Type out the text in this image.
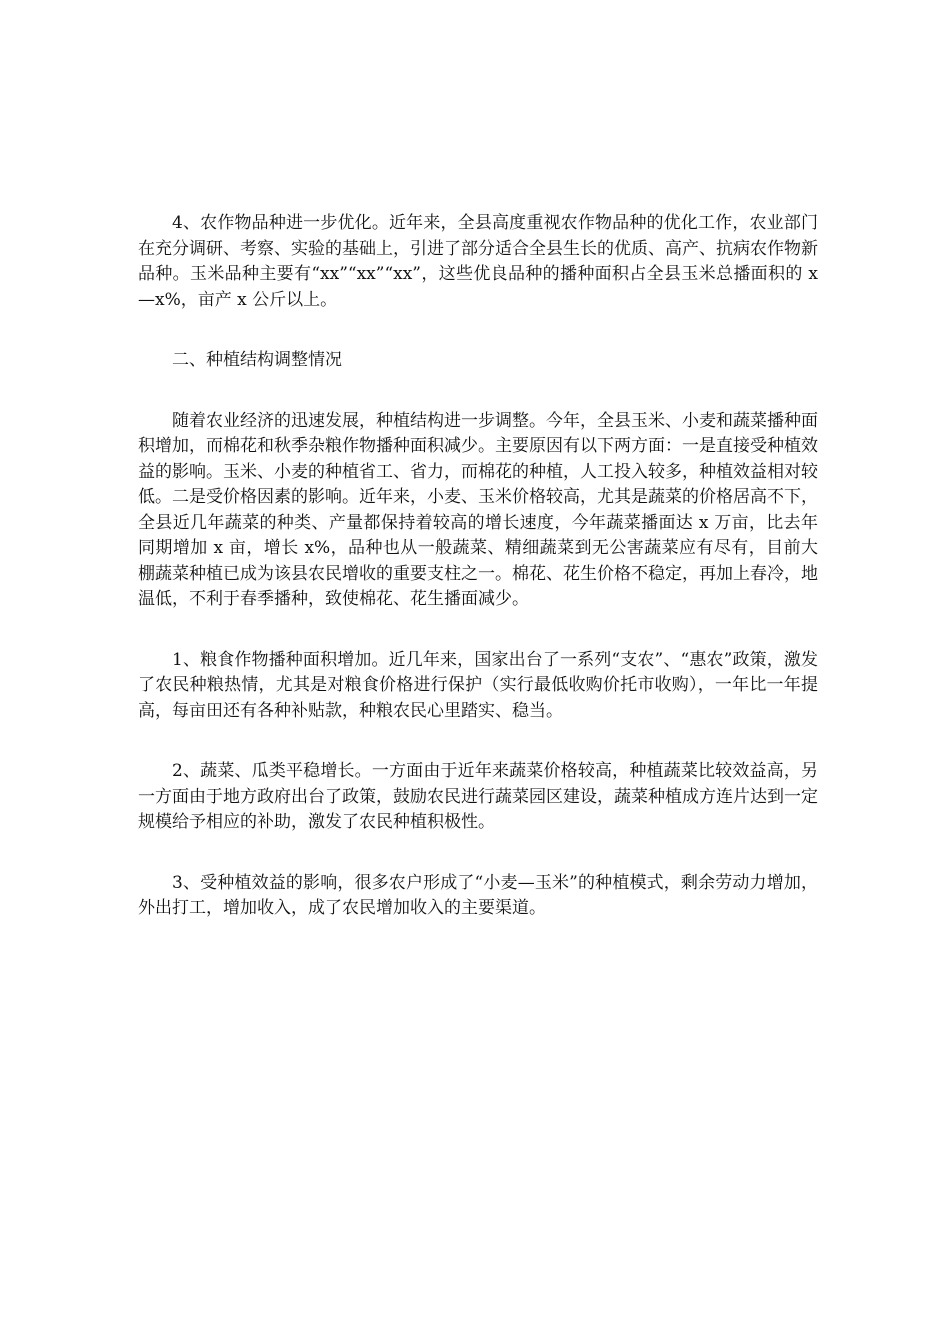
4、农作物品种进一步优化。近年来，全县高度重视农作物品种的优化工作，农业部门在充分调研、考察、实验的基础上，引进了部分适合全县生长的优质、高产、抗病农作物新品种。玉米品种主要有“xx”“xx”“xx”，这些优良品种的播种面积占全县玉米总播面积的 x—x%，亩产 x 公斤以上。

二、种植结构调整情况

随着农业经济的迅速发展，种植结构进一步调整。今年，全县玉米、小麦和蔬菜播种面积增加，而棉花和秋季杂粮作物播种面积减少。主要原因有以下两方面：一是直接受种植效益的影响。玉米、小麦的种植省工、省力，而棉花的种植，人工投入较多，种植效益相对较低。二是受价格因素的影响。近年来，小麦、玉米价格较高，尤其是蔬菜的价格居高不下，全县近几年蔬菜的种类、产量都保持着较高的增长速度，今年蔬菜播面达 x 万亩，比去年同期增加 x 亩，增长 x%，品种也从一般蔬菜、精细蔬菜到无公害蔬菜应有尽有，目前大棚蔬菜种植已成为该县农民增收的重要支柱之一。棉花、花生价格不稳定，再加上春冷，地温低，不利于春季播种，致使棉花、花生播面减少。

1、粮食作物播种面积增加。近几年来，国家出台了一系列“支农”、“惠农”政策，激发了农民种粮热情，尤其是对粮食价格进行保护（实行最低收购价托市收购），一年比一年提高，每亩田还有各种补贴款，种粮农民心里踏实、稳当。

2、蔬菜、瓜类平稳增长。一方面由于近年来蔬菜价格较高，种植蔬菜比较效益高，另一方面由于地方政府出台了政策，鼓励农民进行蔬菜园区建设，蔬菜种植成方连片达到一定规模给予相应的补助，激发了农民种植积极性。

3、受种植效益的影响，很多农户形成了“小麦—玉米”的种植模式，剩余劳动力增加，外出打工，增加收入，成了农民增加收入的主要渠道。
